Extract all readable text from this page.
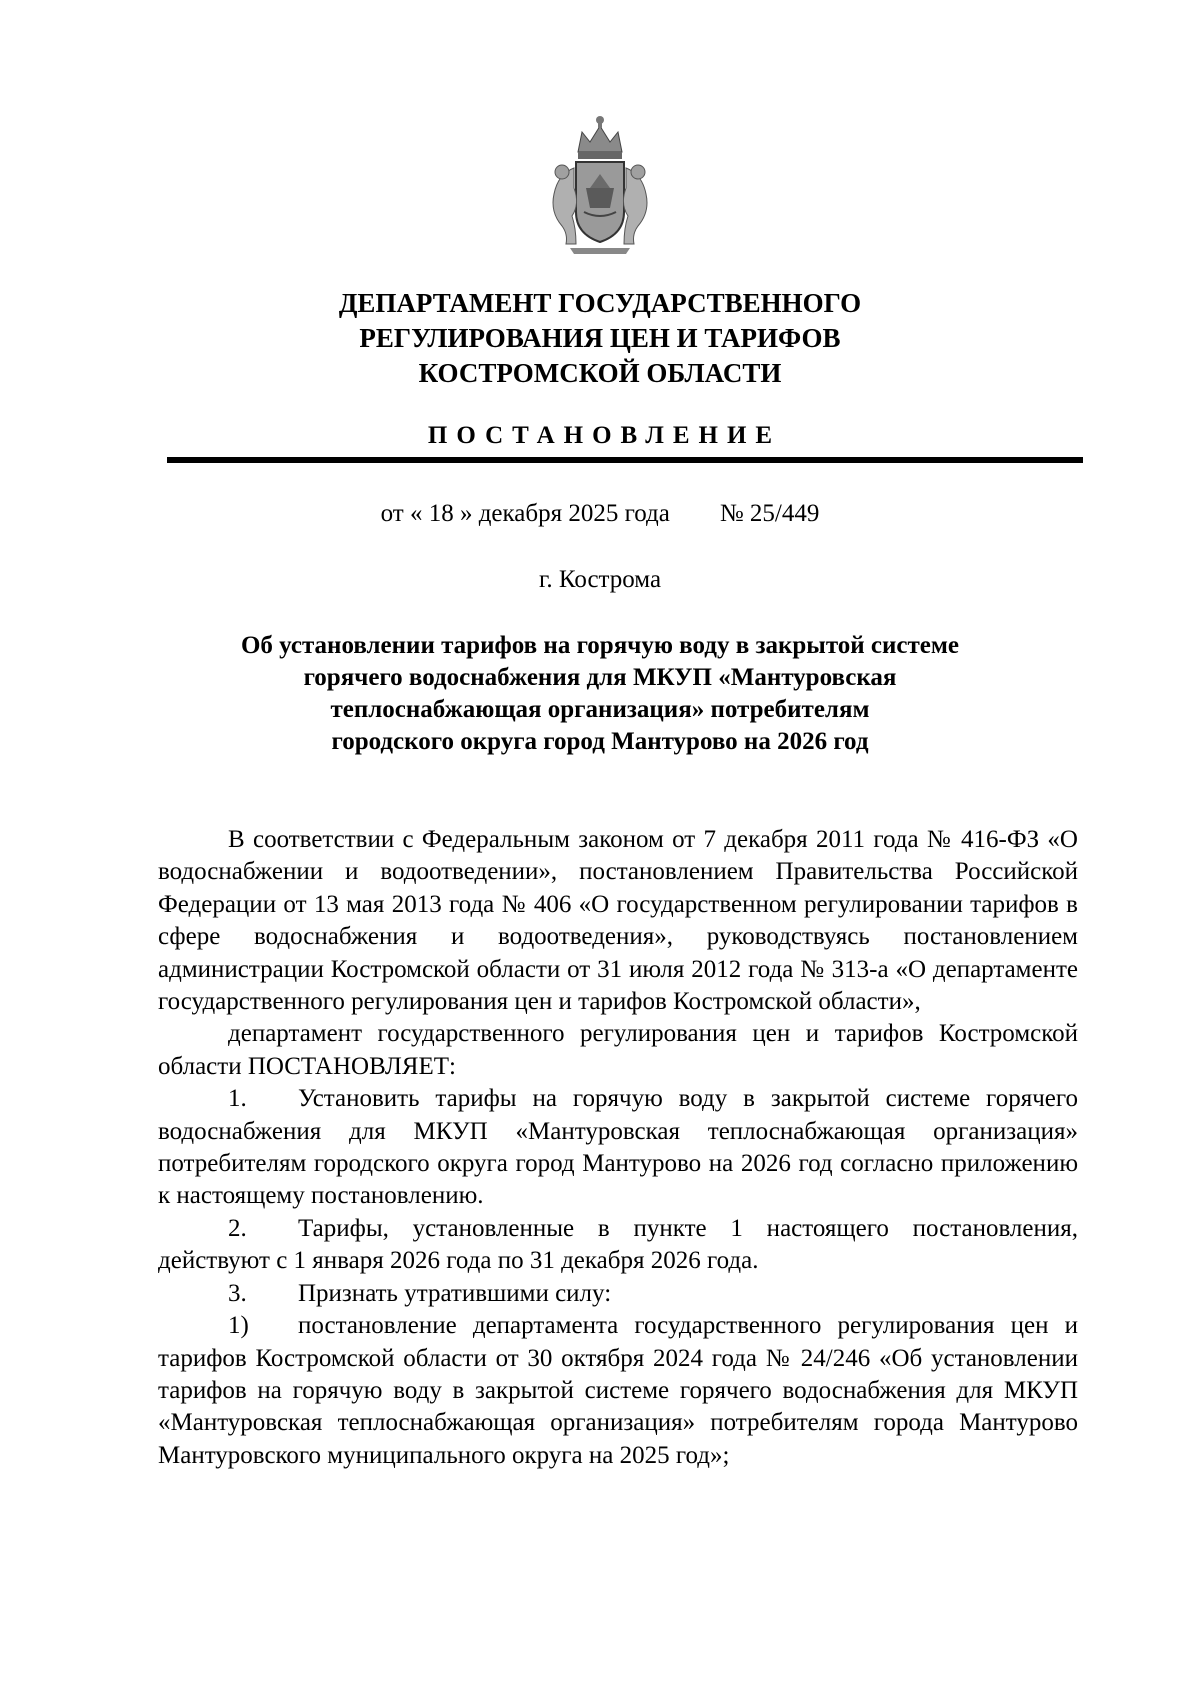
ДЕПАРТАМЕНТ ГОСУДАРСТВЕННОГО
РЕГУЛИРОВАНИЯ ЦЕН И ТАРИФОВ
КОСТРОМСКОЙ ОБЛАСТИ
ПОСТАНОВЛЕНИЕ
от « 18 » декабря 2025 года № 25/449
г. Кострома
Об установлении тарифов на горячую воду в закрытой системе
горячего водоснабжения для МКУП «Мантуровская
теплоснабжающая организация» потребителям
городского округа город Мантурово на 2026 год

В соответствии с Федеральным законом от 7 декабря 2011 года № 416-ФЗ «О водоснабжении и водоотведении», постановлением Правительства Российской Федерации от 13 мая 2013 года № 406 «О государственном регулировании тарифов в сфере водоснабжения и водоотведения», руководствуясь постановлением администрации Костромской области от 31 июля 2012 года № 313-а «О департаменте государственного регулирования цен и тарифов Костромской области»,

департамент государственного регулирования цен и тарифов Костромской области ПОСТАНОВЛЯЕТ:

1. Установить тарифы на горячую воду в закрытой системе горячего водоснабжения для МКУП «Мантуровская теплоснабжающая организация» потребителям городского округа город Мантурово на 2026 год согласно приложению к настоящему постановлению.

2. Тарифы, установленные в пункте 1 настоящего постановления, действуют с 1 января 2026 года по 31 декабря 2026 года.

3. Признать утратившими силу:

1) постановление департамента государственного регулирования цен и тарифов Костромской области от 30 октября 2024 года № 24/246 «Об установлении тарифов на горячую воду в закрытой системе горячего водоснабжения для МКУП «Мантуровская теплоснабжающая организация» потребителям города Мантурово Мантуровского муниципального округа на 2025 год»;
